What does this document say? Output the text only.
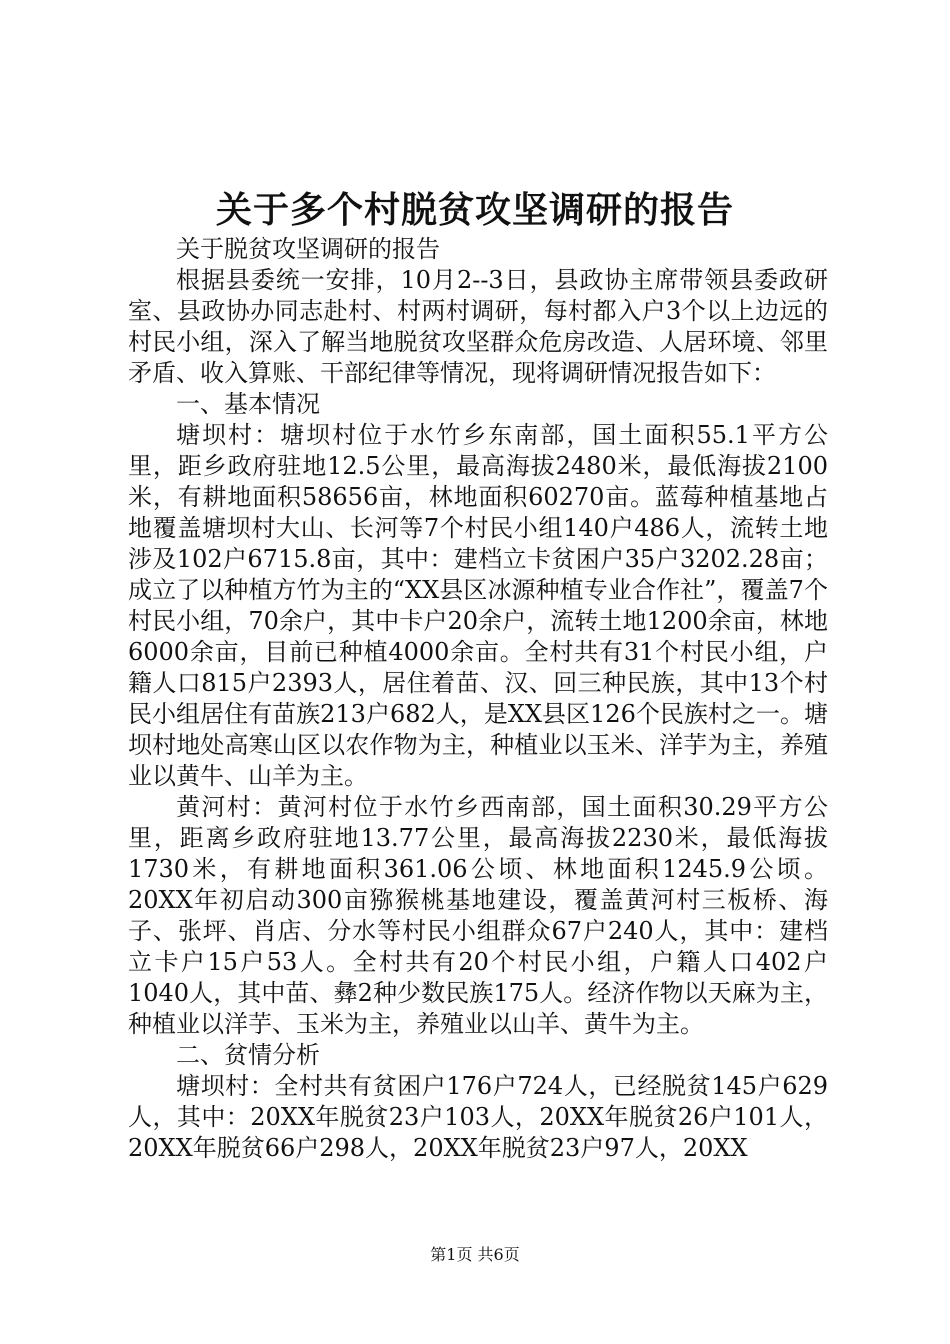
关于多个村脱贫攻坚调研的报告

关于脱贫攻坚调研的报告

根据县委统一安排，10月2--3日，县政协主席带领县委政研室、县政协办同志赴村、村两村调研，每村都入户3个以上边远的村民小组，深入了解当地脱贫攻坚群众危房改造、人居环境、邻里矛盾、收入算账、干部纪律等情况，现将调研情况报告如下：

一、基本情况

塘坝村：塘坝村位于水竹乡东南部，国土面积55.1平方公里，距乡政府驻地12.5公里，最高海拔2480米，最低海拔2100米，有耕地面积58656亩，林地面积60270亩。蓝莓种植基地占地覆盖塘坝村大山、长河等7个村民小组140户486人，流转土地涉及102户6715.8亩，其中：建档立卡贫困户35户3202.28亩；成立了以种植方竹为主的“XX县区冰源种植专业合作社”，覆盖7个村民小组，70余户，其中卡户20余户，流转土地1200余亩，林地6000余亩，目前已种植4000余亩。全村共有31个村民小组，户籍人口815户2393人，居住着苗、汉、回三种民族，其中13个村民小组居住有苗族213户682人，是XX县区126个民族村之一。塘坝村地处高寒山区以农作物为主，种植业以玉米、洋芋为主，养殖业以黄牛、山羊为主。

黄河村：黄河村位于水竹乡西南部，国土面积30.29平方公里，距离乡政府驻地13.77公里，最高海拔2230米，最低海拔1730米，有耕地面积361.06公顷、林地面积1245.9公顷。20XX年初启动300亩猕猴桃基地建设，覆盖黄河村三板桥、海子、张坪、肖店、分水等村民小组群众67户240人，其中：建档立卡户15户53人。全村共有20个村民小组，户籍人口402户1040人，其中苗、彝2种少数民族175人。经济作物以天麻为主，种植业以洋芋、玉米为主，养殖业以山羊、黄牛为主。

二、贫情分析

塘坝村：全村共有贫困户176户724人，已经脱贫145户629人，其中：20XX年脱贫23户103人，20XX年脱贫26户101人，20XX年脱贫66户298人，20XX年脱贫23户97人，20XX

第1页 共6页
